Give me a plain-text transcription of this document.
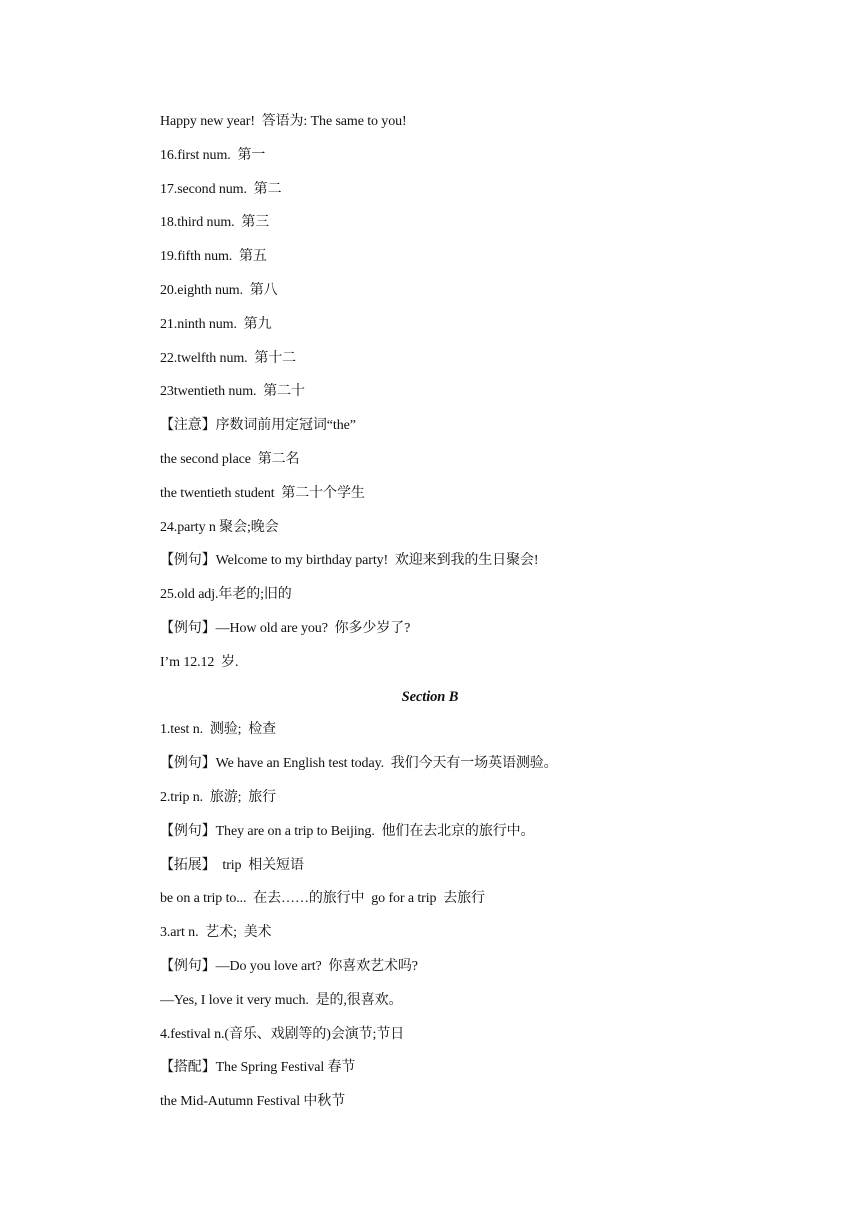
Happy new year!  答语为: The same to you!
16.first num.  第一
17.second num.  第二
18.third num.  第三
19.fifth num.  第五
20.eighth num.  第八
21.ninth num.  第九
22.twelfth num.  第十二
23twentieth num.  第二十
【注意】序数词前用定冠词“the”
the second place  第二名
the twentieth student  第二十个学生
24.party n 聚会;晚会
【例句】Welcome to my birthday party!  欢迎来到我的生日聚会!
25.old adj.年老的;旧的
【例句】—How old are you?  你多少岁了?
I’m 12.12  岁.
Section B
1.test n.  测验;  检查
【例句】We have an English test today.  我们今天有一场英语测验。
2.trip n.  旅游;  旅行
【例句】They are on a trip to Beijing.  他们在去北京的旅行中。
【拓展】  trip  相关短语
be on a trip to...  在去……的旅行中  go for a trip  去旅行
3.art n.  艺术;  美术
【例句】—Do you love art?  你喜欢艺术吗?
—Yes, I love it very much.  是的,很喜欢。
4.festival n.(音乐、戏剧等的)会演节;节日
【搭配】The Spring Festival 春节
the Mid-Autumn Festival 中秋节
